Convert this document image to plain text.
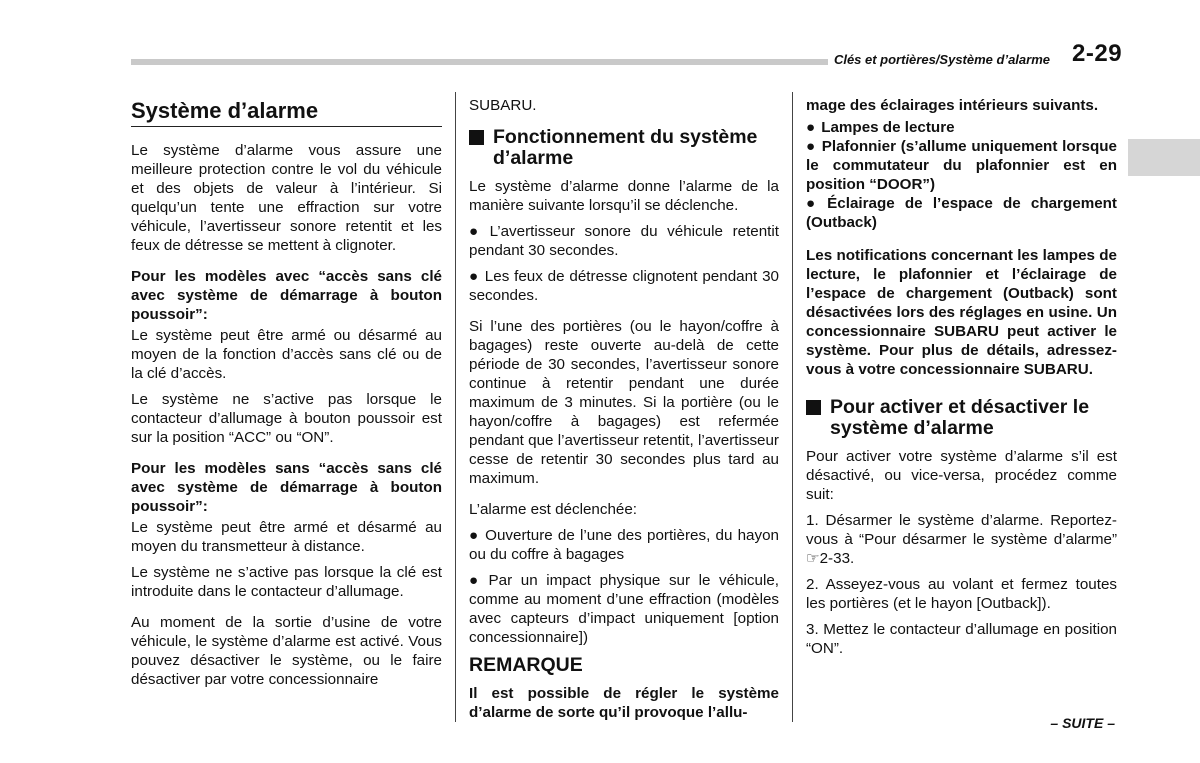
Clés et portières/Système d’alarme 2-29
Système d’alarme

Le système d’alarme vous assure une meilleure protection contre le vol du véhicule et des objets de valeur à l’intérieur. Si quelqu’un tente une effraction sur votre véhicule, l’avertisseur sonore retentit et les feux de détresse se mettent à clignoter.

Pour les modèles avec “accès sans clé avec système de démarrage à bouton poussoir”:

Le système peut être armé ou désarmé au moyen de la fonction d’accès sans clé ou de la clé d’accès.

Le système ne s’active pas lorsque le contacteur d’allumage à bouton poussoir est sur la position “ACC” ou “ON”.

Pour les modèles sans “accès sans clé avec système de démarrage à bouton poussoir”:

Le système peut être armé et désarmé au moyen du transmetteur à distance.

Le système ne s’active pas lorsque la clé est introduite dans le contacteur d’allumage.

Au moment de la sortie d’usine de votre véhicule, le système d’alarme est activé. Vous pouvez désactiver le système, ou le faire désactiver par votre concessionnaire

SUBARU.

Fonctionnement du système d’alarme

Le système d’alarme donne l’alarme de la manière suivante lorsqu’il se déclenche.

● L’avertisseur sonore du véhicule retentit pendant 30 secondes.

● Les feux de détresse clignotent pendant 30 secondes.

Si l’une des portières (ou le hayon/coffre à bagages) reste ouverte au-delà de cette période de 30 secondes, l’avertisseur sonore continue à retentir pendant une durée maximum de 3 minutes. Si la portière (ou le hayon/coffre à bagages) est refermée pendant que l’avertisseur retentit, l’avertisseur cesse de retentir 30 secondes plus tard au maximum.

L’alarme est déclenchée:

● Ouverture de l’une des portières, du hayon ou du coffre à bagages

● Par un impact physique sur le véhicule, comme au moment d’une effraction (modèles avec capteurs d’impact uniquement [option concessionnaire])

REMARQUE

Il est possible de régler le système d’alarme de sorte qu’il provoque l’allu-

mage des éclairages intérieurs suivants.

● Lampes de lecture

● Plafonnier (s’allume uniquement lorsque le commutateur du plafonnier est en position “DOOR”)

● Éclairage de l’espace de chargement (Outback)

Les notifications concernant les lampes de lecture, le plafonnier et l’éclairage de l’espace de chargement (Outback) sont désactivées lors des réglages en usine. Un concessionnaire SUBARU peut activer le système. Pour plus de détails, adressez-vous à votre concessionnaire SUBARU.

Pour activer et désactiver le système d’alarme

Pour activer votre système d’alarme s’il est désactivé, ou vice-versa, procédez comme suit:

1. Désarmer le système d’alarme. Reportez-vous à “Pour désarmer le système d’alarme” ☞2-33.

2. Asseyez-vous au volant et fermez toutes les portières (et le hayon [Outback]).

3. Mettez le contacteur d’allumage en position “ON”.

– SUITE –
